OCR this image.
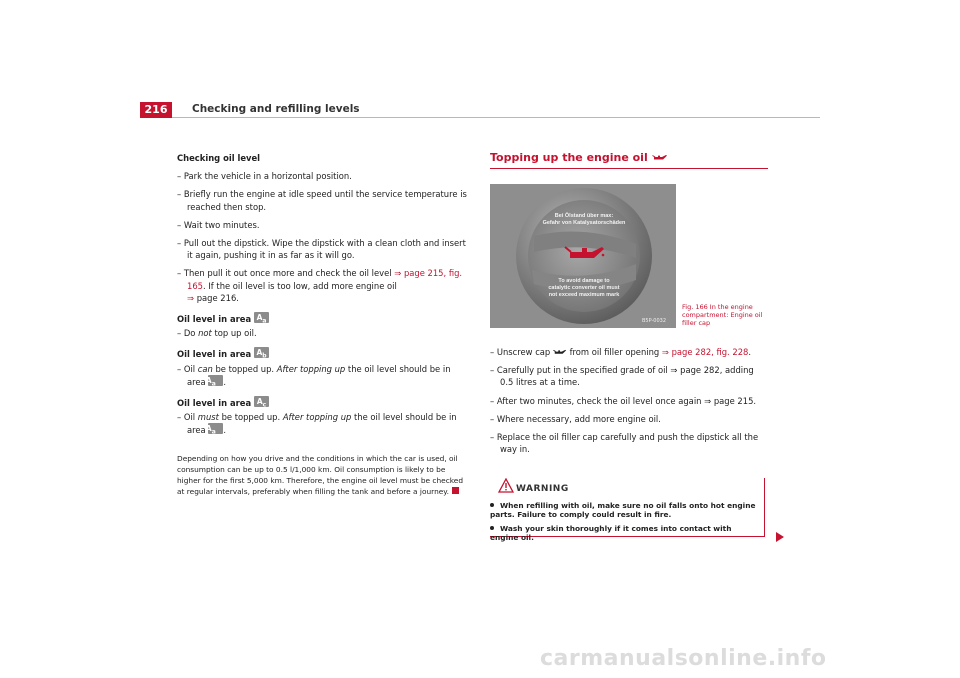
216	Checking and refilling levels
Checking oil level
– Park the vehicle in a horizontal position.
– Briefly run the engine at idle speed until the service temperature is reached then stop.
– Wait two minutes.
– Pull out the dipstick. Wipe the dipstick with a clean cloth and insert it again, pushing it in as far as it will go.
– Then pull it out once more and check the oil level ⇒ page 215, fig. 165. If the oil level is too low, add more engine oil
⇒ page 216.
Oil level in area $A_a$
– Do not top up oil.
Oil level in area $A_b$
– Oil can be topped up. After topping up the oil level should be in area $A_a$ .
Oil level in area $A_c$
– Oil must be topped up. After topping up the oil level should be in area $A_a$ .
Depending on how you drive and the conditions in which the car is used, oil consumption can be up to 0.5 l/1,000 km. Oil consumption is likely to be higher for the first 5,000 km. Therefore, the engine oil level must be checked at regular intervals, preferably when filling the tank and before a journey.
Topping up the engine oil
Bei Ölstand über max:
Gefahr von Katalysatorschäden
To avoid damage to
catalytic converter oil must
not exceed maximum mark
B5P-0032
Fig. 166 In the engine compartment: Engine oil filler cap
– Unscrew cap  from oil filler opening ⇒ page 282, fig. 228.
– Carefully put in the specified grade of oil ⇒ page 282, adding 0.5 litres at a time.
– After two minutes, check the oil level once again ⇒ page 215.
– Where necessary, add more engine oil.
– Replace the oil filler cap carefully and push the dipstick all the way in.
WARNING
When refilling with oil, make sure no oil falls onto hot engine parts. Failure to comply could result in fire.
Wash your skin thoroughly if it comes into contact with engine oil.
carmanualsonline.info
